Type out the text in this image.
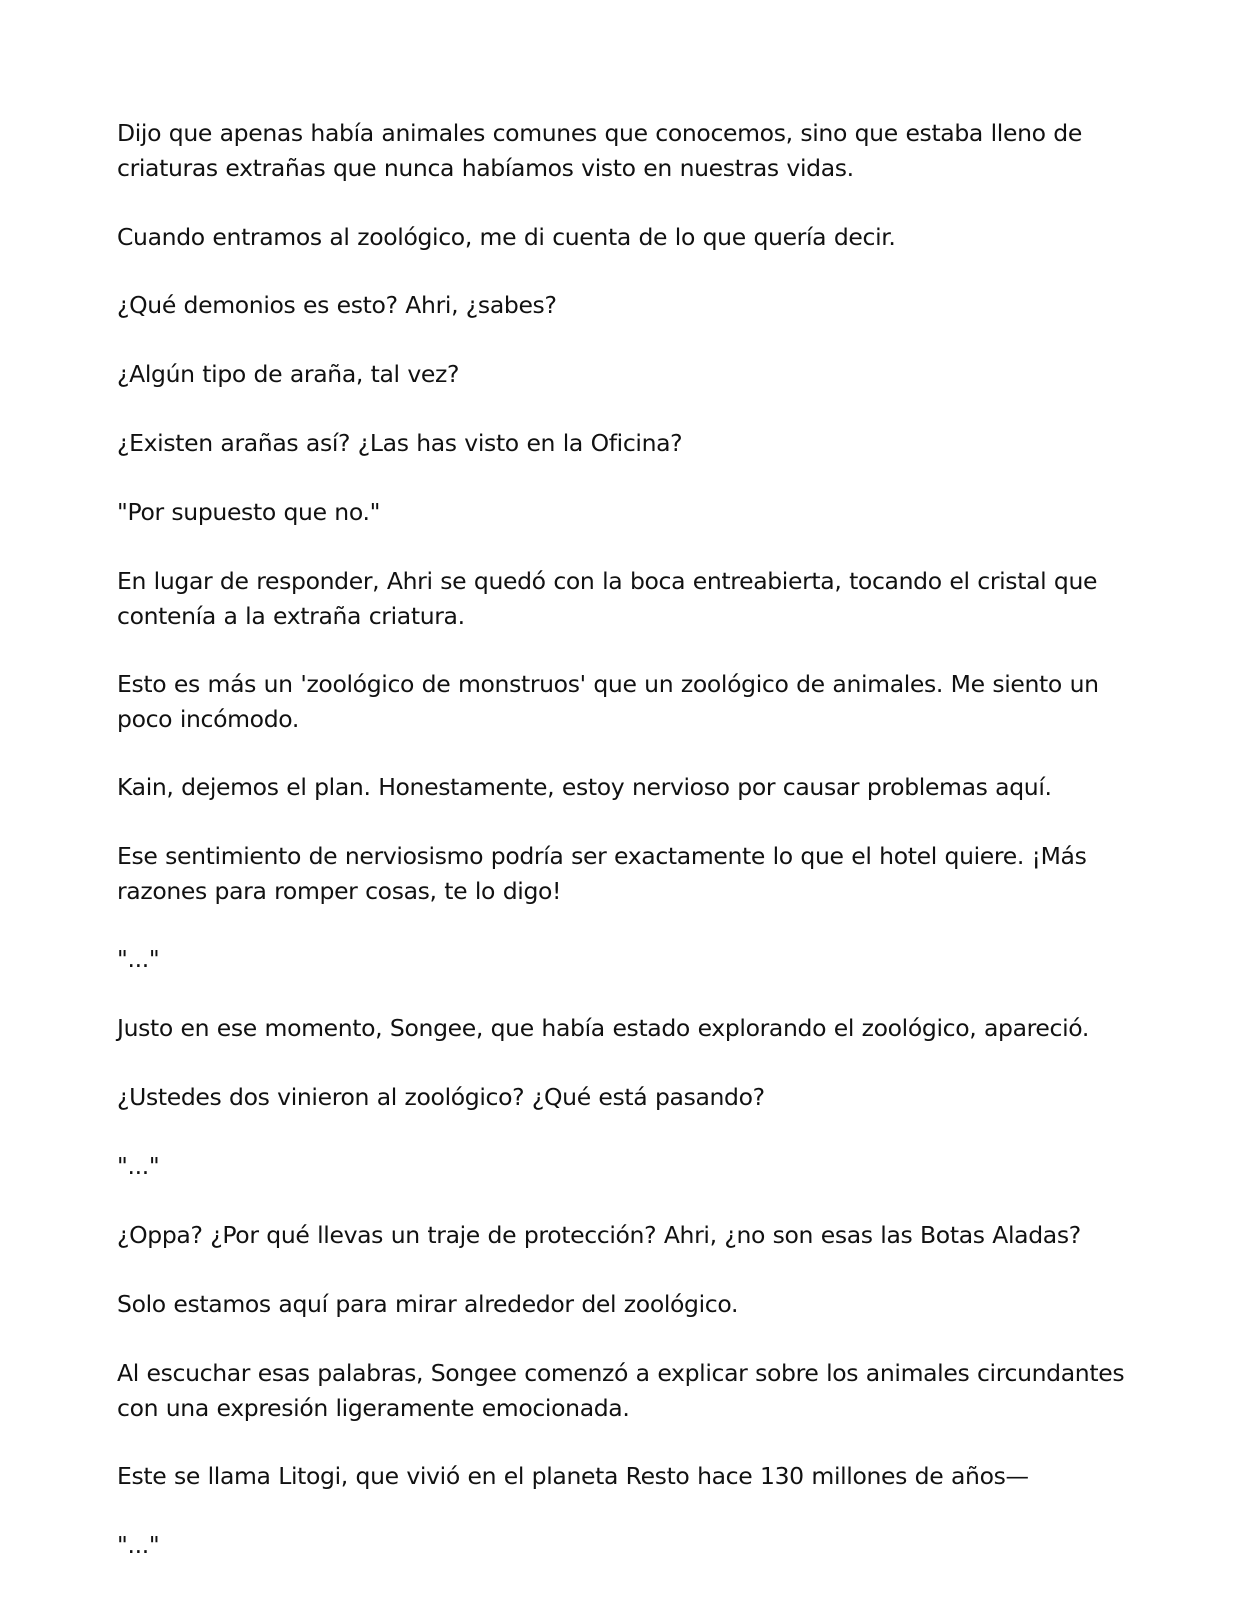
Dijo que apenas había animales comunes que conocemos, sino que estaba lleno de criaturas extrañas que nunca habíamos visto en nuestras vidas.

Cuando entramos al zoológico, me di cuenta de lo que quería decir.

¿Qué demonios es esto? Ahri, ¿sabes?

¿Algún tipo de araña, tal vez?

¿Existen arañas así? ¿Las has visto en la Oficina?

"Por supuesto que no."

En lugar de responder, Ahri se quedó con la boca entreabierta, tocando el cristal que contenía a la extraña criatura.

Esto es más un 'zoológico de monstruos' que un zoológico de animales. Me siento un poco incómodo.

Kain, dejemos el plan. Honestamente, estoy nervioso por causar problemas aquí.

Ese sentimiento de nerviosismo podría ser exactamente lo que el hotel quiere. ¡Más razones para romper cosas, te lo digo!

"..."

Justo en ese momento, Songee, que había estado explorando el zoológico, apareció.

¿Ustedes dos vinieron al zoológico? ¿Qué está pasando?

"..."

¿Oppa? ¿Por qué llevas un traje de protección? Ahri, ¿no son esas las Botas Aladas?

Solo estamos aquí para mirar alrededor del zoológico.

Al escuchar esas palabras, Songee comenzó a explicar sobre los animales circundantes con una expresión ligeramente emocionada.

Este se llama Litogi, que vivió en el planeta Resto hace 130 millones de años—

"..."
